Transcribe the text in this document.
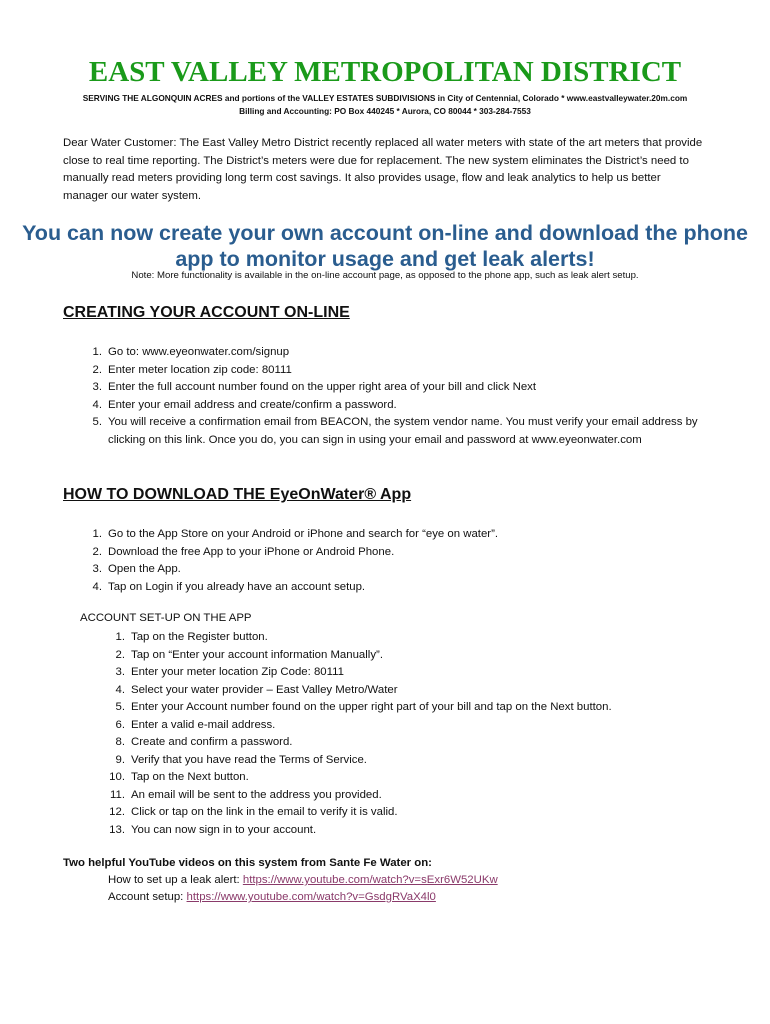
EAST VALLEY METROPOLITAN DISTRICT
SERVING THE ALGONQUIN ACRES and portions of the VALLEY ESTATES SUBDIVISIONS in City of Centennial, Colorado * www.eastvalleywater.20m.com
Billing and Accounting: PO Box 440245 * Aurora, CO 80044 * 303-284-7553

Dear Water Customer: The East Valley Metro District recently replaced all water meters with state of the art meters that provide close to real time reporting. The District’s meters were due for replacement. The new system eliminates the District’s need to manually read meters providing long term cost savings. It also provides usage, flow and leak analytics to help us better manager our water system.

You can now create your own account on-line and download the phone app to monitor usage and get leak alerts!

Note: More functionality is available in the on-line account page, as opposed to the phone app, such as leak alert setup.

CREATING YOUR ACCOUNT ON-LINE
1. Go to: www.eyeonwater.com/signup
2. Enter meter location zip code: 80111
3. Enter the full account number found on the upper right area of your bill and click Next
4. Enter your email address and create/confirm a password.
5. You will receive a confirmation email from BEACON, the system vendor name. You must verify your email address by clicking on this link. Once you do, you can sign in using your email and password at www.eyeonwater.com
HOW TO DOWNLOAD THE EyeOnWater® App
1. Go to the App Store on your Android or iPhone and search for “eye on water”.
2. Download the free App to your iPhone or Android Phone.
3. Open the App.
4. Tap on Login if you already have an account setup.

ACCOUNT SET-UP ON THE APP

1. Tap on the Register button.
2. Tap on “Enter your account information Manually”.
3. Enter your meter location Zip Code: 80111
4. Select your water provider – East Valley Metro/Water
5. Enter your Account number found on the upper right part of your bill and tap on the Next button.
6. Enter a valid e-mail address.
8. Create and confirm a password.
9. Verify that you have read the Terms of Service.
10. Tap on the Next button.
11. An email will be sent to the address you provided.
12. Click or tap on the link in the email to verify it is valid.
13. You can now sign in to your account.

Two helpful YouTube videos on this system from Sante Fe Water on:

How to set up a leak alert: https://www.youtube.com/watch?v=sExr6W52UKw

Account setup: https://www.youtube.com/watch?v=GsdgRVaX4l0
